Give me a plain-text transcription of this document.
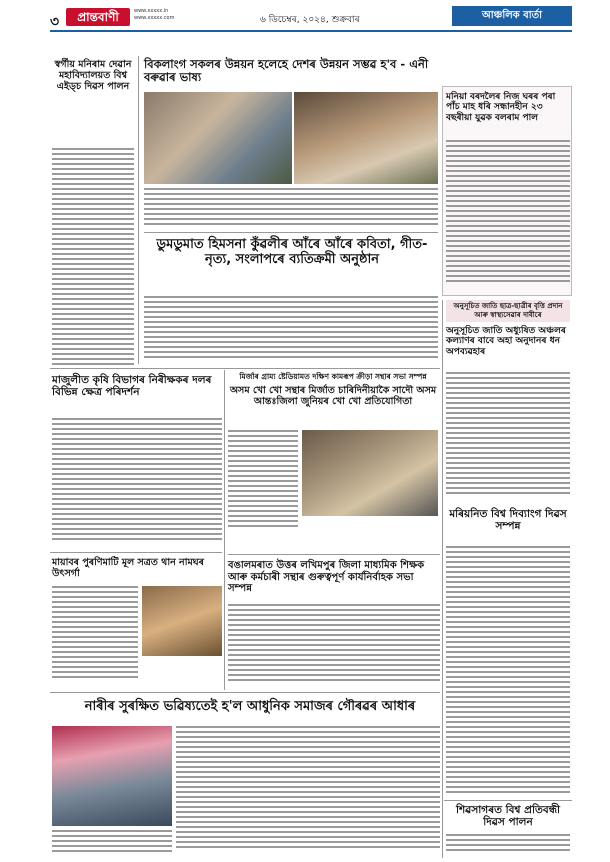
৩	প্ৰান্তবাণী	www.xxxxx.in
www.xxxxx.com	৬ ডিচেম্বৰ, ২০২৪, শুক্ৰবাৰ	আঞ্চলিক বাৰ্তা
স্বৰ্গীয় মনিৰাম দেৱান মহাবিদ্যালয়ত বিশ্ব এইড্‌চ দিৱস পালন
বিকলাংগ সকলৰ উন্নয়ন হলেহে দেশৰ উন্নয়ন সম্ভৱ হ'ব - এনী বৰুৱাৰ ভাষ্য
মনিয়া বৰদলৈৰ নিজ ঘৰৰ পৰা পাঁচ মাহ ধৰি সন্ধানহীন ২৩ বছৰীয়া যুৱক বলৰাম পাল
ডুমডুমাত হিমসনা কুঁৱলীৰ আঁৰে আঁৰে কবিতা, গীত-নৃত্য, সংলাপৰে ব্যতিক্ৰমী অনুষ্ঠান
অনুসূচিত জাতি ছাত্ৰ-ছাত্ৰীৰ বৃত্তি প্ৰদান আৰু স্বাস্থ্যসেৱাৰ দাবীৰে
অনুসূচিত জাতি অধ্যুষিত অঞ্চলৰ কল্যাণৰ বাবে অহা অনুদানৰ ধন অপব্যৱহাৰ
মাজুলীত কৃষি বিভাগৰ নিৰীক্ষকৰ দলৰ বিভিন্ন ক্ষেত্ৰ পৰিদৰ্শন
মিৰ্জাৰ গ্ৰাম্য ষ্টেডিয়ামত দক্ষিণ কামৰূপ ক্ৰীড়া সন্থাৰ সভা সম্পন্ন
অসম খো খো সন্থাৰ মিৰ্জাত চাৰিদিনীয়াকৈ সাদৌ অসম আন্তঃজিলা জুনিয়ৰ খো খো প্ৰতিযোগিতা
মৰিয়নিত বিশ্ব দিব্যাংগ দিৱস সম্পন্ন
বঙালমৰাত উত্তৰ লখিমপুৰ জিলা মাধ্যমিক শিক্ষক আৰু কৰ্মচাৰী সন্থাৰ গুৰুত্বপূৰ্ণ কাৰ্যনিৰ্বাহক সভা সম্পন্ন
মায়াবৰ পুৰণিমাটি মূল সত্ৰত থান নামঘৰ উৎসৰ্গা
নাৰীৰ সুৰক্ষিত ভৱিষ্যতেই হ'ল আধুনিক সমাজৰ গৌৰৱৰ আধাৰ
শিৱসাগৰত বিশ্ব প্ৰতিবন্ধী দিৱস পালন
